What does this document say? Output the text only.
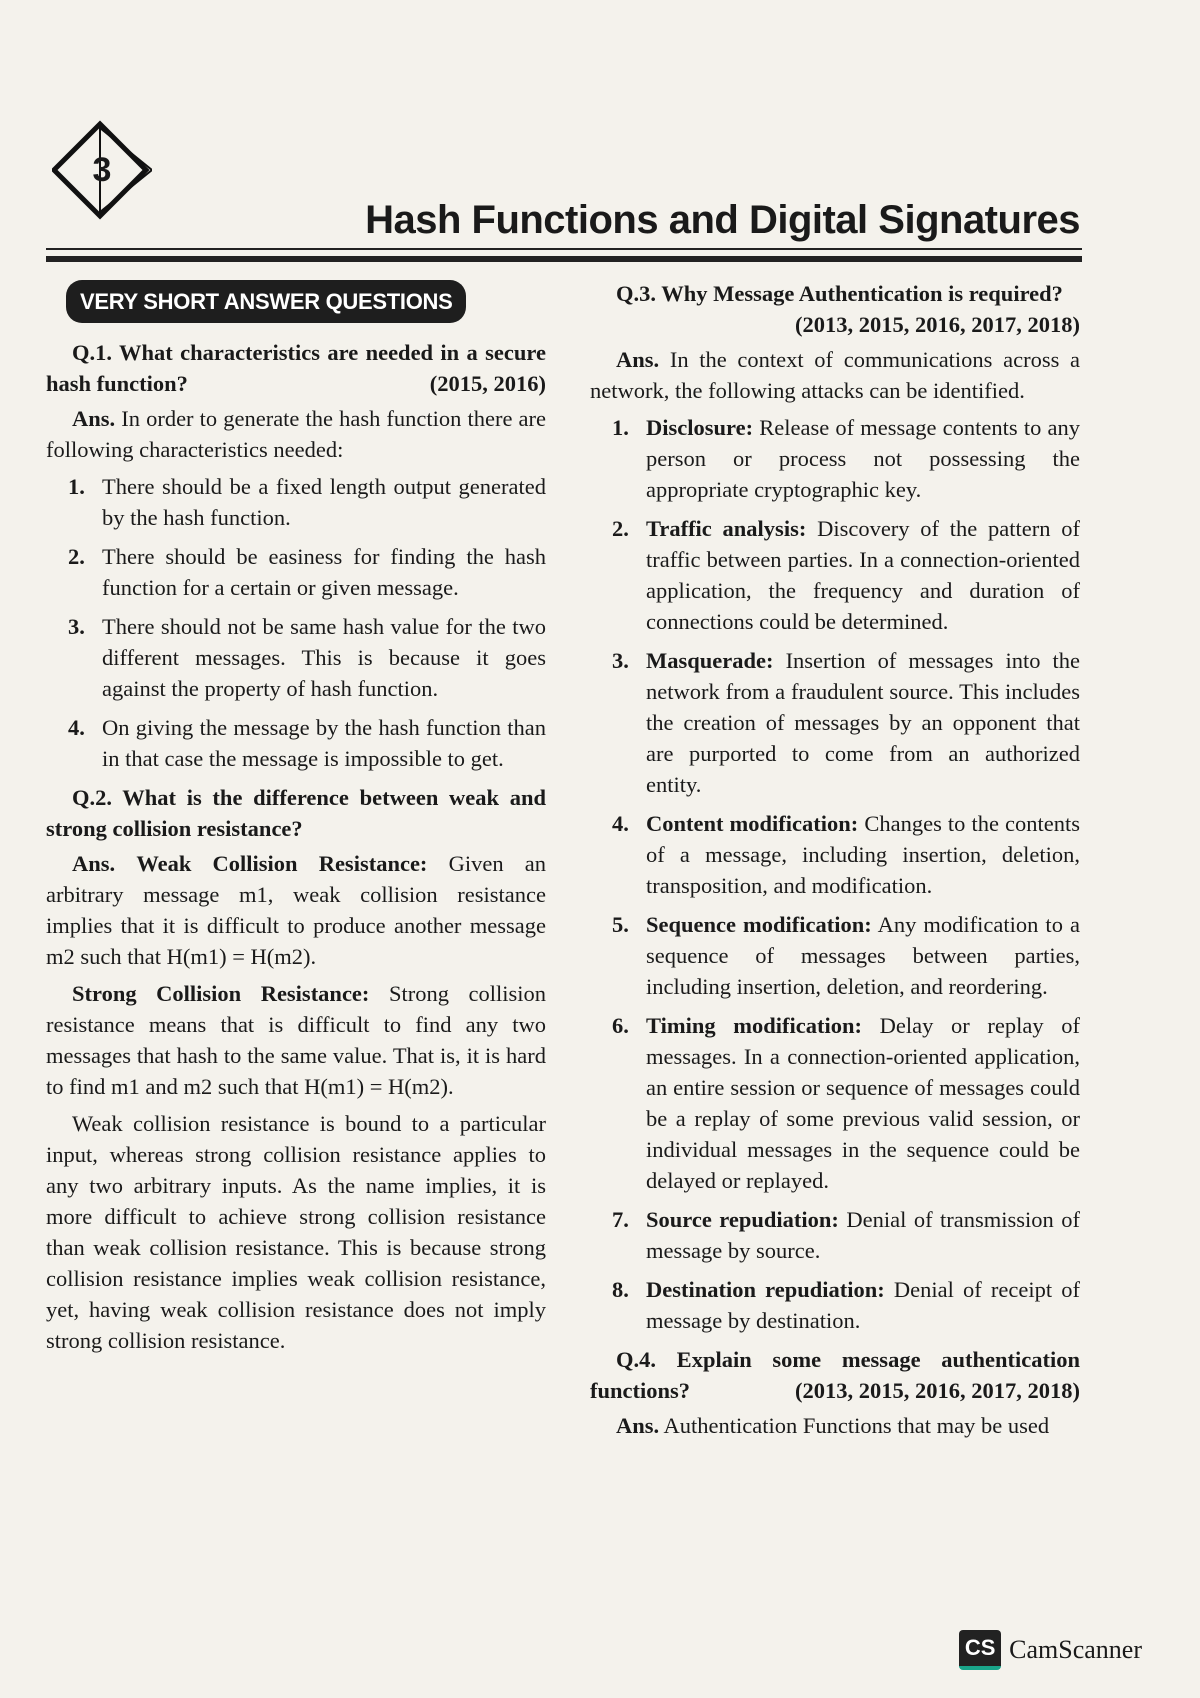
3
Hash Functions and Digital Signatures
VERY SHORT ANSWER QUESTIONS
Q.1. What characteristics are needed in a secure hash function?	(2015, 2016)

Ans. In order to generate the hash function there are following characteristics needed:

1. There should be a fixed length output generated by the hash function.
2. There should be easiness for finding the hash function for a certain or given message.
3. There should not be same hash value for the two different messages. This is because it goes against the property of hash function.
4. On giving the message by the hash function than in that case the message is impossible to get.
Q.2. What is the difference between weak and strong collision resistance?

Ans. Weak Collision Resistance: Given an arbitrary message m1, weak collision resistance implies that it is difficult to produce another message m2 such that H(m1) = H(m2).

Strong Collision Resistance: Strong collision resistance means that is difficult to find any two messages that hash to the same value. That is, it is hard to find m1 and m2 such that H(m1) = H(m2).

Weak collision resistance is bound to a particular input, whereas strong collision resistance applies to any two arbitrary inputs. As the name implies, it is more difficult to achieve strong collision resistance than weak collision resistance. This is because strong collision resistance implies weak collision resistance, yet, having weak collision resistance does not imply strong collision resistance.

Q.3. Why Message Authentication is required?
(2013, 2015, 2016, 2017, 2018)

Ans. In the context of communications across a network, the following attacks can be identified.

1. Disclosure: Release of message contents to any person or process not possessing the appropriate cryptographic key.
2. Traffic analysis: Discovery of the pattern of traffic between parties. In a connection-oriented application, the frequency and duration of connections could be determined.
3. Masquerade: Insertion of messages into the network from a fraudulent source. This includes the creation of messages by an opponent that are purported to come from an authorized entity.
4. Content modification: Changes to the contents of a message, including insertion, deletion, transposition, and modification.
5. Sequence modification: Any modification to a sequence of messages between parties, including insertion, deletion, and reordering.
6. Timing modification: Delay or replay of messages. In a connection-oriented application, an entire session or sequence of messages could be a replay of some previous valid session, or individual messages in the sequence could be delayed or replayed.
7. Source repudiation: Denial of transmission of message by source.
8. Destination repudiation: Denial of receipt of message by destination.
Q.4. Explain some message authentication functions?	(2013, 2015, 2016, 2017, 2018)

Ans. Authentication Functions that may be used

CS CamScanner
